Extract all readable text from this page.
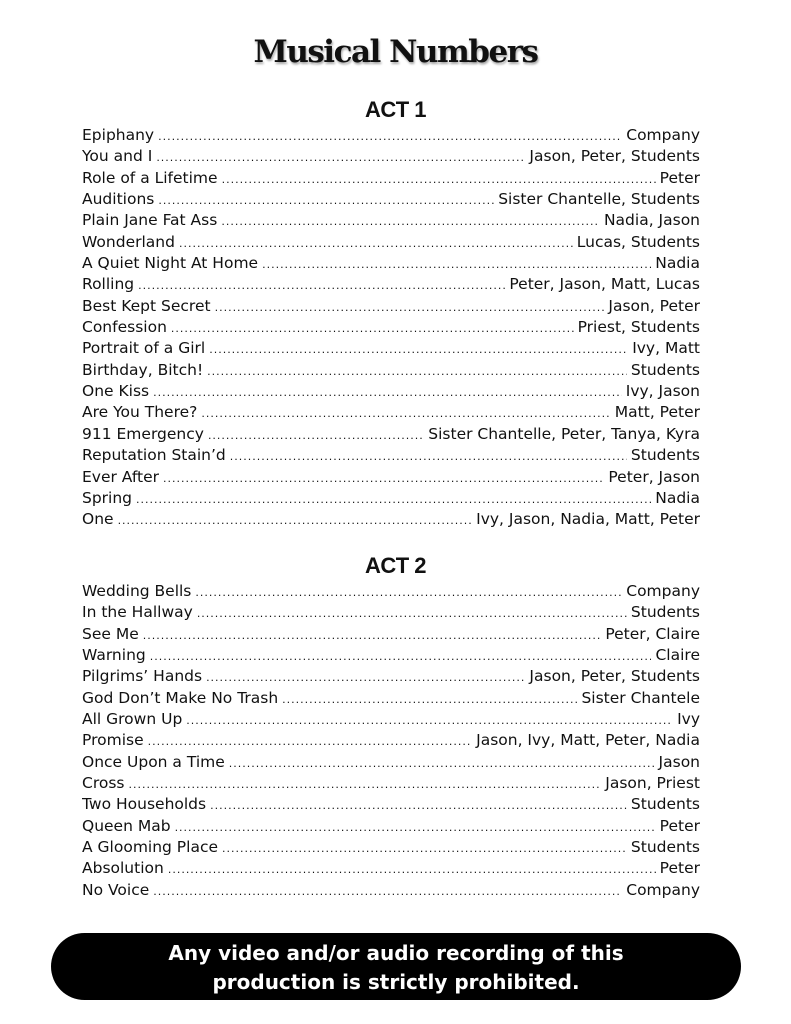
Musical Numbers
ACT 1
Epiphany .....	Company
You and I .....	Jason, Peter, Students
Role of a Lifetime .....	Peter
Auditions .....	Sister Chantelle, Students
Plain Jane Fat Ass .....	Nadia, Jason
Wonderland .....	Lucas, Students
A Quiet Night At Home .....	Nadia
Rolling .....	Peter, Jason, Matt, Lucas
Best Kept Secret .....	Jason, Peter
Confession .....	Priest, Students
Portrait of a Girl .....	Ivy, Matt
Birthday, Bitch! .....	Students
One Kiss .....	Ivy, Jason
Are You There? .....	Matt, Peter
911 Emergency .....	Sister Chantelle, Peter, Tanya, Kyra
Reputation Stain’d .....	Students
Ever After .....	Peter, Jason
Spring .....	Nadia
One .....	Ivy, Jason, Nadia, Matt, Peter
ACT 2
Wedding Bells .....	Company
In the Hallway .....	Students
See Me .....	Peter, Claire
Warning .....	Claire
Pilgrims’ Hands .....	Jason, Peter, Students
God Don’t Make No Trash .....	Sister Chantele
All Grown Up .....	Ivy
Promise .....	Jason, Ivy, Matt, Peter, Nadia
Once Upon a Time .....	Jason
Cross .....	Jason, Priest
Two Households .....	Students
Queen Mab .....	Peter
A Glooming Place .....	Students
Absolution .....	Peter
No Voice .....	Company
Any video and/or audio recording of this production is strictly prohibited.
